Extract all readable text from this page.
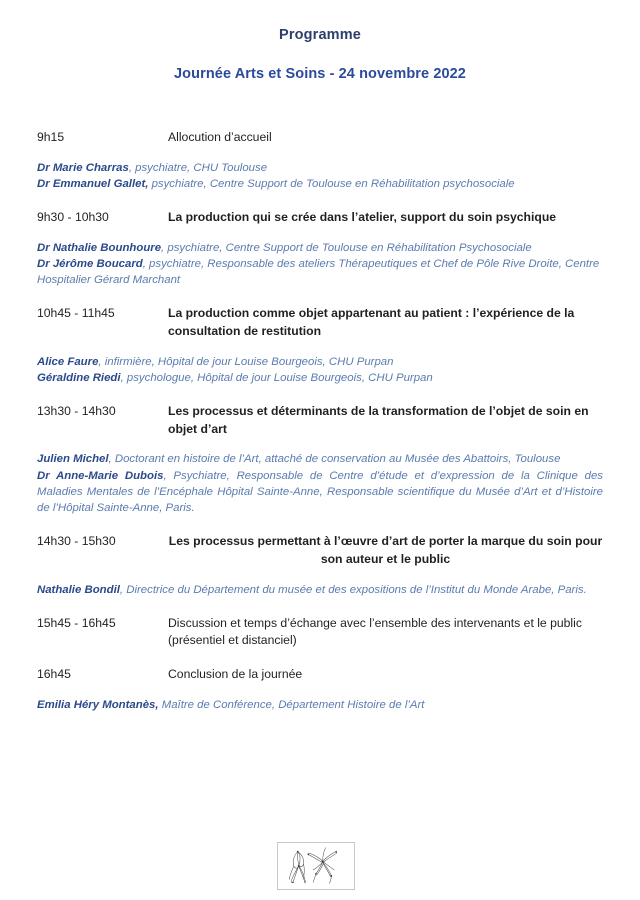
Programme
Journée Arts et Soins - 24 novembre 2022
9h15	Allocution d’accueil
Dr Marie Charras, psychiatre, CHU Toulouse
Dr Emmanuel Gallet, psychiatre, Centre Support de Toulouse en Réhabilitation psychosociale
9h30 - 10h30	La production qui se crée dans l’atelier, support du soin psychique
Dr Nathalie Bounhoure, psychiatre, Centre Support de Toulouse en Réhabilitation Psychosociale
Dr Jérôme Boucard, psychiatre, Responsable des ateliers Thérapeutiques et Chef de Pôle Rive Droite, Centre Hospitalier Gérard Marchant
10h45 - 11h45	La production comme objet appartenant au patient : l’expérience de la consultation de restitution
Alice Faure, infirmière, Hôpital de jour Louise Bourgeois, CHU Purpan
Géraldine Riedi, psychologue, Hôpital de jour Louise Bourgeois, CHU Purpan
13h30 - 14h30	Les processus et déterminants de la transformation de l’objet de soin en objet d’art
Julien Michel, Doctorant en histoire de l’Art, attaché de conservation au Musée des Abattoirs, Toulouse
Dr Anne-Marie Dubois, Psychiatre, Responsable de Centre d’étude et d’expression de la Clinique des Maladies Mentales de l’Encéphale Hôpital Sainte-Anne, Responsable scientifique du Musée d’Art et d’Histoire de l’Hôpital Sainte-Anne, Paris.
14h30 - 15h30	Les processus permettant à l’œuvre d’art de porter la marque du soin pour son auteur et le public
Nathalie Bondil, Directrice du Département du musée et des expositions de l’Institut du Monde Arabe, Paris.
15h45 - 16h45	Discussion et temps d’échange avec l’ensemble des intervenants et le public (présentiel et distanciel)
16h45	Conclusion de la journée
Emilia Héry Montanès, Maître de Conférence, Département Histoire de l’Art
